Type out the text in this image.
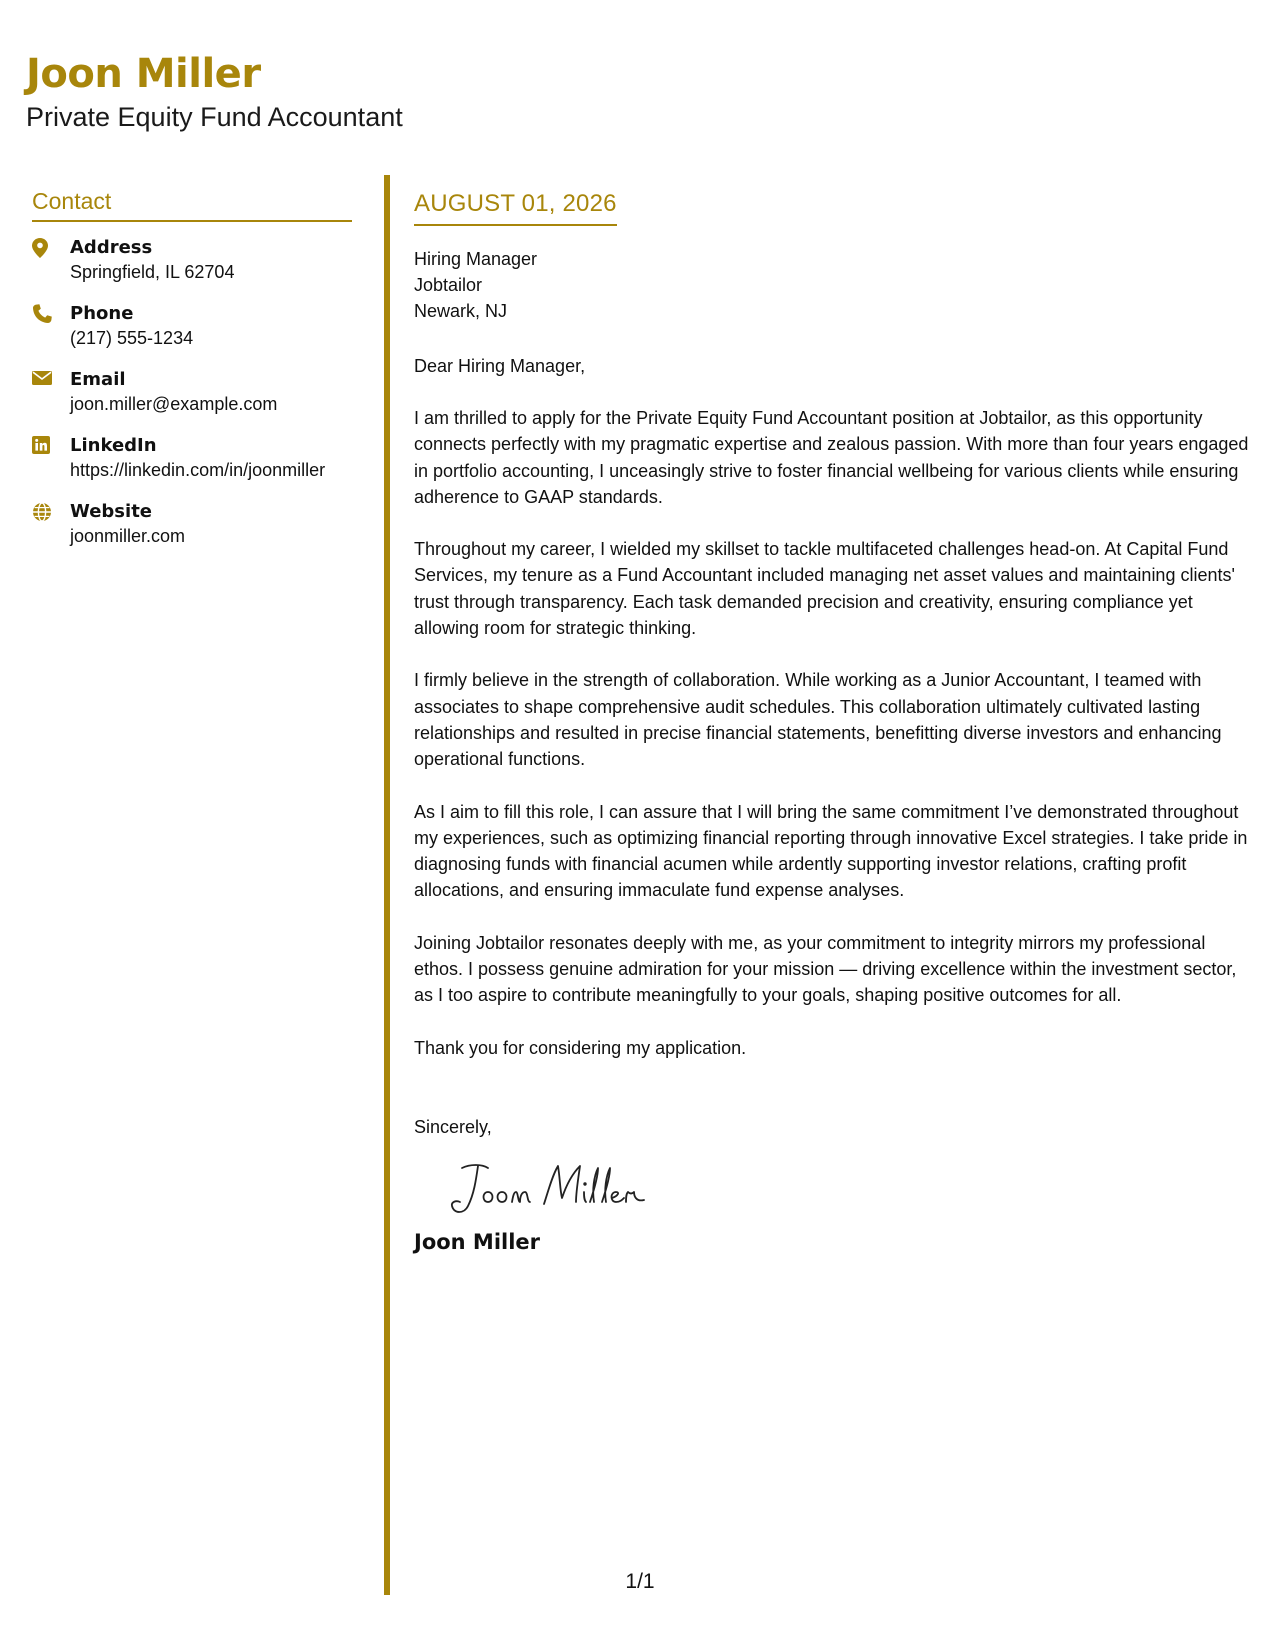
Joon Miller
Private Equity Fund Accountant
Contact
Address
Springfield, IL 62704
Phone
(217) 555-1234
Email
joon.miller@example.com
LinkedIn
https://linkedin.com/in/joonmiller
Website
joonmiller.com
AUGUST 01, 2026
Hiring Manager
Jobtailor
Newark, NJ
Dear Hiring Manager,

I am thrilled to apply for the Private Equity Fund Accountant position at Jobtailor, as this opportunity connects perfectly with my pragmatic expertise and zealous passion. With more than four years engaged in portfolio accounting, I unceasingly strive to foster financial wellbeing for various clients while ensuring adherence to GAAP standards.

Throughout my career, I wielded my skillset to tackle multifaceted challenges head-on. At Capital Fund Services, my tenure as a Fund Accountant included managing net asset values and maintaining clients' trust through transparency. Each task demanded precision and creativity, ensuring compliance yet allowing room for strategic thinking.

I firmly believe in the strength of collaboration. While working as a Junior Accountant, I teamed with associates to shape comprehensive audit schedules. This collaboration ultimately cultivated lasting relationships and resulted in precise financial statements, benefitting diverse investors and enhancing operational functions.

As I aim to fill this role, I can assure that I will bring the same commitment I’ve demonstrated throughout my experiences, such as optimizing financial reporting through innovative Excel strategies. I take pride in diagnosing funds with financial acumen while ardently supporting investor relations, crafting profit allocations, and ensuring immaculate fund expense analyses.

Joining Jobtailor resonates deeply with me, as your commitment to integrity mirrors my professional ethos. I possess genuine admiration for your mission — driving excellence within the investment sector, as I too aspire to contribute meaningfully to your goals, shaping positive outcomes for all.

Thank you for considering my application.

Sincerely,
Joon Miller
1/1
